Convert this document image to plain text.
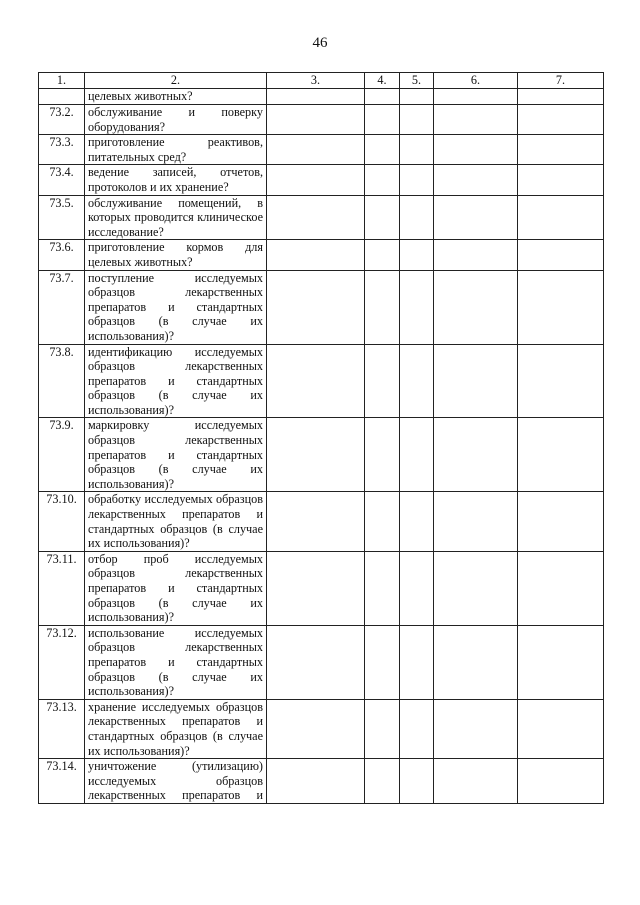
46
1.	2.	3.	4.	5.	6.	7.
	целевых животных?					
73.2.	обслуживание и поверку оборудования?					
73.3.	приготовление реактивов, питательных сред?					
73.4.	ведение записей, отчетов, протоколов и их хранение?					
73.5.	обслуживание помещений, в которых проводится клиническое исследование?					
73.6.	приготовление кормов для целевых животных?					
73.7.	поступление исследуемых образцов лекарственных препаратов и стандартных образцов (в случае их использования)?					
73.8.	идентификацию исследуемых образцов лекарственных препаратов и стандартных образцов (в случае их использования)?					
73.9.	маркировку исследуемых образцов лекарственных препаратов и стандартных образцов (в случае их использования)?					
73.10.	обработку исследуемых образцов лекарственных препаратов и стандартных образцов (в случае их использования)?					
73.11.	отбор проб исследуемых образцов лекарственных препаратов и стандартных образцов (в случае их использования)?					
73.12.	использование исследуемых образцов лекарственных препаратов и стандартных образцов (в случае их использования)?					
73.13.	хранение исследуемых образцов лекарственных препаратов и стандартных образцов (в случае их использования)?					
73.14.	уничтожение (утилизацию) исследуемых образцов лекарственных препаратов и					
